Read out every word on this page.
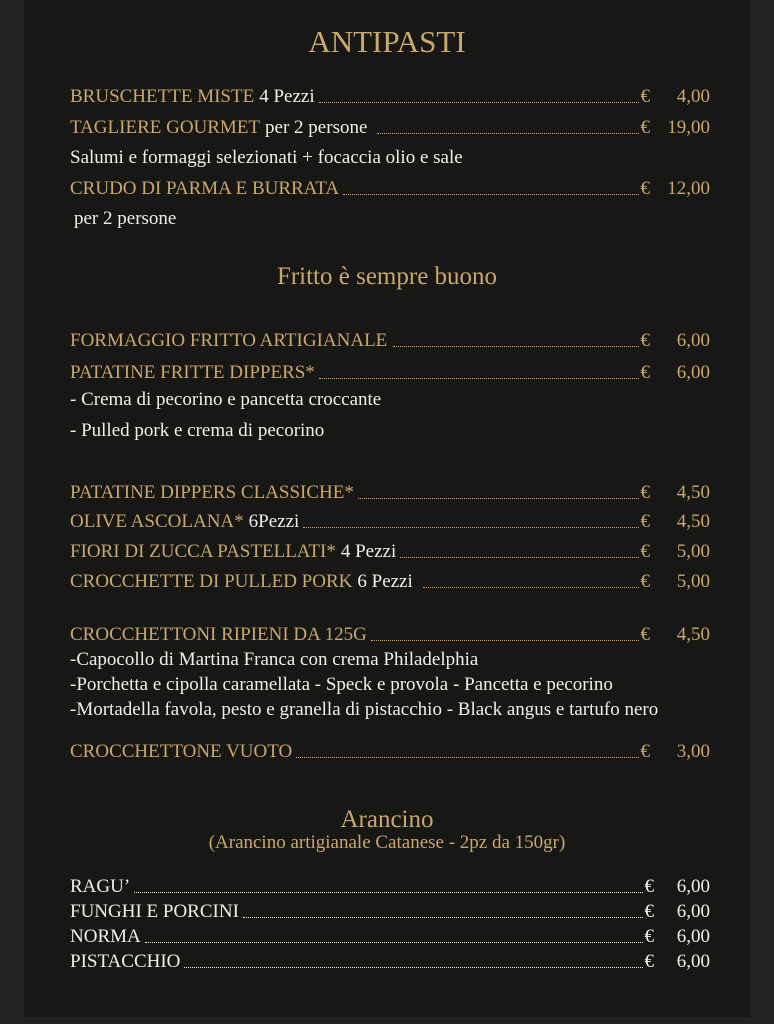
ANTIPASTI
BRUSCHETTE MISTE 4 Pezzi	€	4,00
TAGLIERE GOURMET per 2 persone	€ 19,00
Salumi e formaggi selezionati + focaccia olio e sale
CRUDO DI PARMA E BURRATA	€ 12,00
per 2 persone
Fritto è sempre buono
FORMAGGIO FRITTO ARTIGIANALE	€	6,00
PATATINE FRITTE DIPPERS*	€	6,00
- Crema di pecorino e pancetta croccante
- Pulled pork e crema di pecorino
PATATINE DIPPERS CLASSICHE*	€	4,50
OLIVE ASCOLANA* 6Pezzi	€	4,50
FIORI DI ZUCCA PASTELLATI* 4 Pezzi	€	5,00
CROCCHETTE DI PULLED PORK 6 Pezzi	€	5,00
CROCCHETTONI RIPIENI DA 125G	€	4,50
-Capocollo di Martina Franca con crema Philadelphia
-Porchetta e cipolla caramellata - Speck e provola - Pancetta e pecorino
-Mortadella favola, pesto e granella di pistacchio - Black angus e tartufo nero
CROCCHETTONE VUOTO	€	3,00
Arancino
(Arancino artigianale Catanese - 2pz da 150gr)
RAGU’	€	6,00
FUNGHI E PORCINI	€	6,00
NORMA	€	6,00
PISTACCHIO	€	6,00
